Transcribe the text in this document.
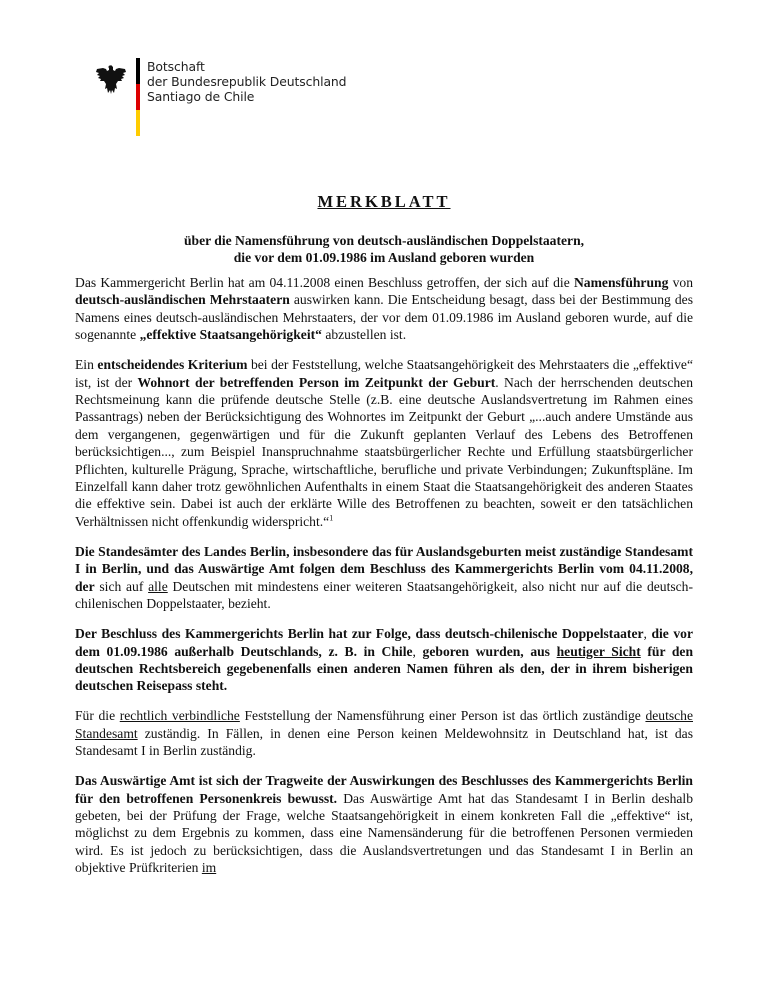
Botschaft
der Bundesrepublik Deutschland
Santiago de Chile
MERKBLATT
über die Namensführung von deutsch-ausländischen Doppelstaatern,
die vor dem 01.09.1986 im Ausland geboren wurden

Das Kammergericht Berlin hat am 04.11.2008 einen Beschluss getroffen, der sich auf die Namensführung von deutsch-ausländischen Mehrstaatern auswirken kann. Die Entscheidung besagt, dass bei der Bestimmung des Namens eines deutsch-ausländischen Mehrstaaters, der vor dem 01.09.1986 im Ausland geboren wurde, auf die sogenannte „effektive Staatsangehörigkeit“ abzustellen ist.

Ein entscheidendes Kriterium bei der Feststellung, welche Staatsangehörigkeit des Mehrstaaters die „effektive“ ist, ist der Wohnort der betreffenden Person im Zeitpunkt der Geburt. Nach der herrschenden deutschen Rechtsmeinung kann die prüfende deutsche Stelle (z.B. eine deutsche Auslandsvertretung im Rahmen eines Passantrags) neben der Berücksichtigung des Wohnortes im Zeitpunkt der Geburt „...auch andere Umstände aus dem vergangenen, gegenwärtigen und für die Zukunft geplanten Verlauf des Lebens des Betroffenen berücksichtigen..., zum Beispiel Inanspruchnahme staatsbürgerlicher Rechte und Erfüllung staatsbürgerlicher Pflichten, kulturelle Prägung, Sprache, wirtschaftliche, berufliche und private Verbindungen; Zukunftspläne. Im Einzelfall kann daher trotz gewöhnlichen Aufenthalts in einem Staat die Staatsangehörigkeit des anderen Staates die effektive sein. Dabei ist auch der erklärte Wille des Betroffenen zu beachten, soweit er den tatsächlichen Verhältnissen nicht offenkundig widerspricht.“$^1$

Die Standesämter des Landes Berlin, insbesondere das für Auslandsgeburten meist zuständige Standesamt I in Berlin, und das Auswärtige Amt folgen dem Beschluss des Kammergerichts Berlin vom 04.11.2008, der sich auf alle Deutschen mit mindestens einer weiteren Staatsangehörigkeit, also nicht nur auf die deutsch-chilenischen Doppelstaater, bezieht.

Der Beschluss des Kammergerichts Berlin hat zur Folge, dass deutsch-chilenische Doppelstaater, die vor dem 01.09.1986 außerhalb Deutschlands, z. B. in Chile, geboren wurden, aus heutiger Sicht für den deutschen Rechtsbereich gegebenenfalls einen anderen Namen führen als den, der in ihrem bisherigen deutschen Reisepass steht.

Für die rechtlich verbindliche Feststellung der Namensführung einer Person ist das örtlich zuständige deutsche Standesamt zuständig. In Fällen, in denen eine Person keinen Meldewohnsitz in Deutschland hat, ist das Standesamt I in Berlin zuständig.

Das Auswärtige Amt ist sich der Tragweite der Auswirkungen des Beschlusses des Kammergerichts Berlin für den betroffenen Personenkreis bewusst. Das Auswärtige Amt hat das Standesamt I in Berlin deshalb gebeten, bei der Prüfung der Frage, welche Staatsangehörigkeit in einem konkreten Fall die „effektive“ ist, möglichst zu dem Ergebnis zu kommen, dass eine Namensänderung für die betroffenen Personen vermieden wird. Es ist jedoch zu berücksichtigen, dass die Auslandsvertretungen und das Standesamt I in Berlin an objektive Prüfkriterien im
